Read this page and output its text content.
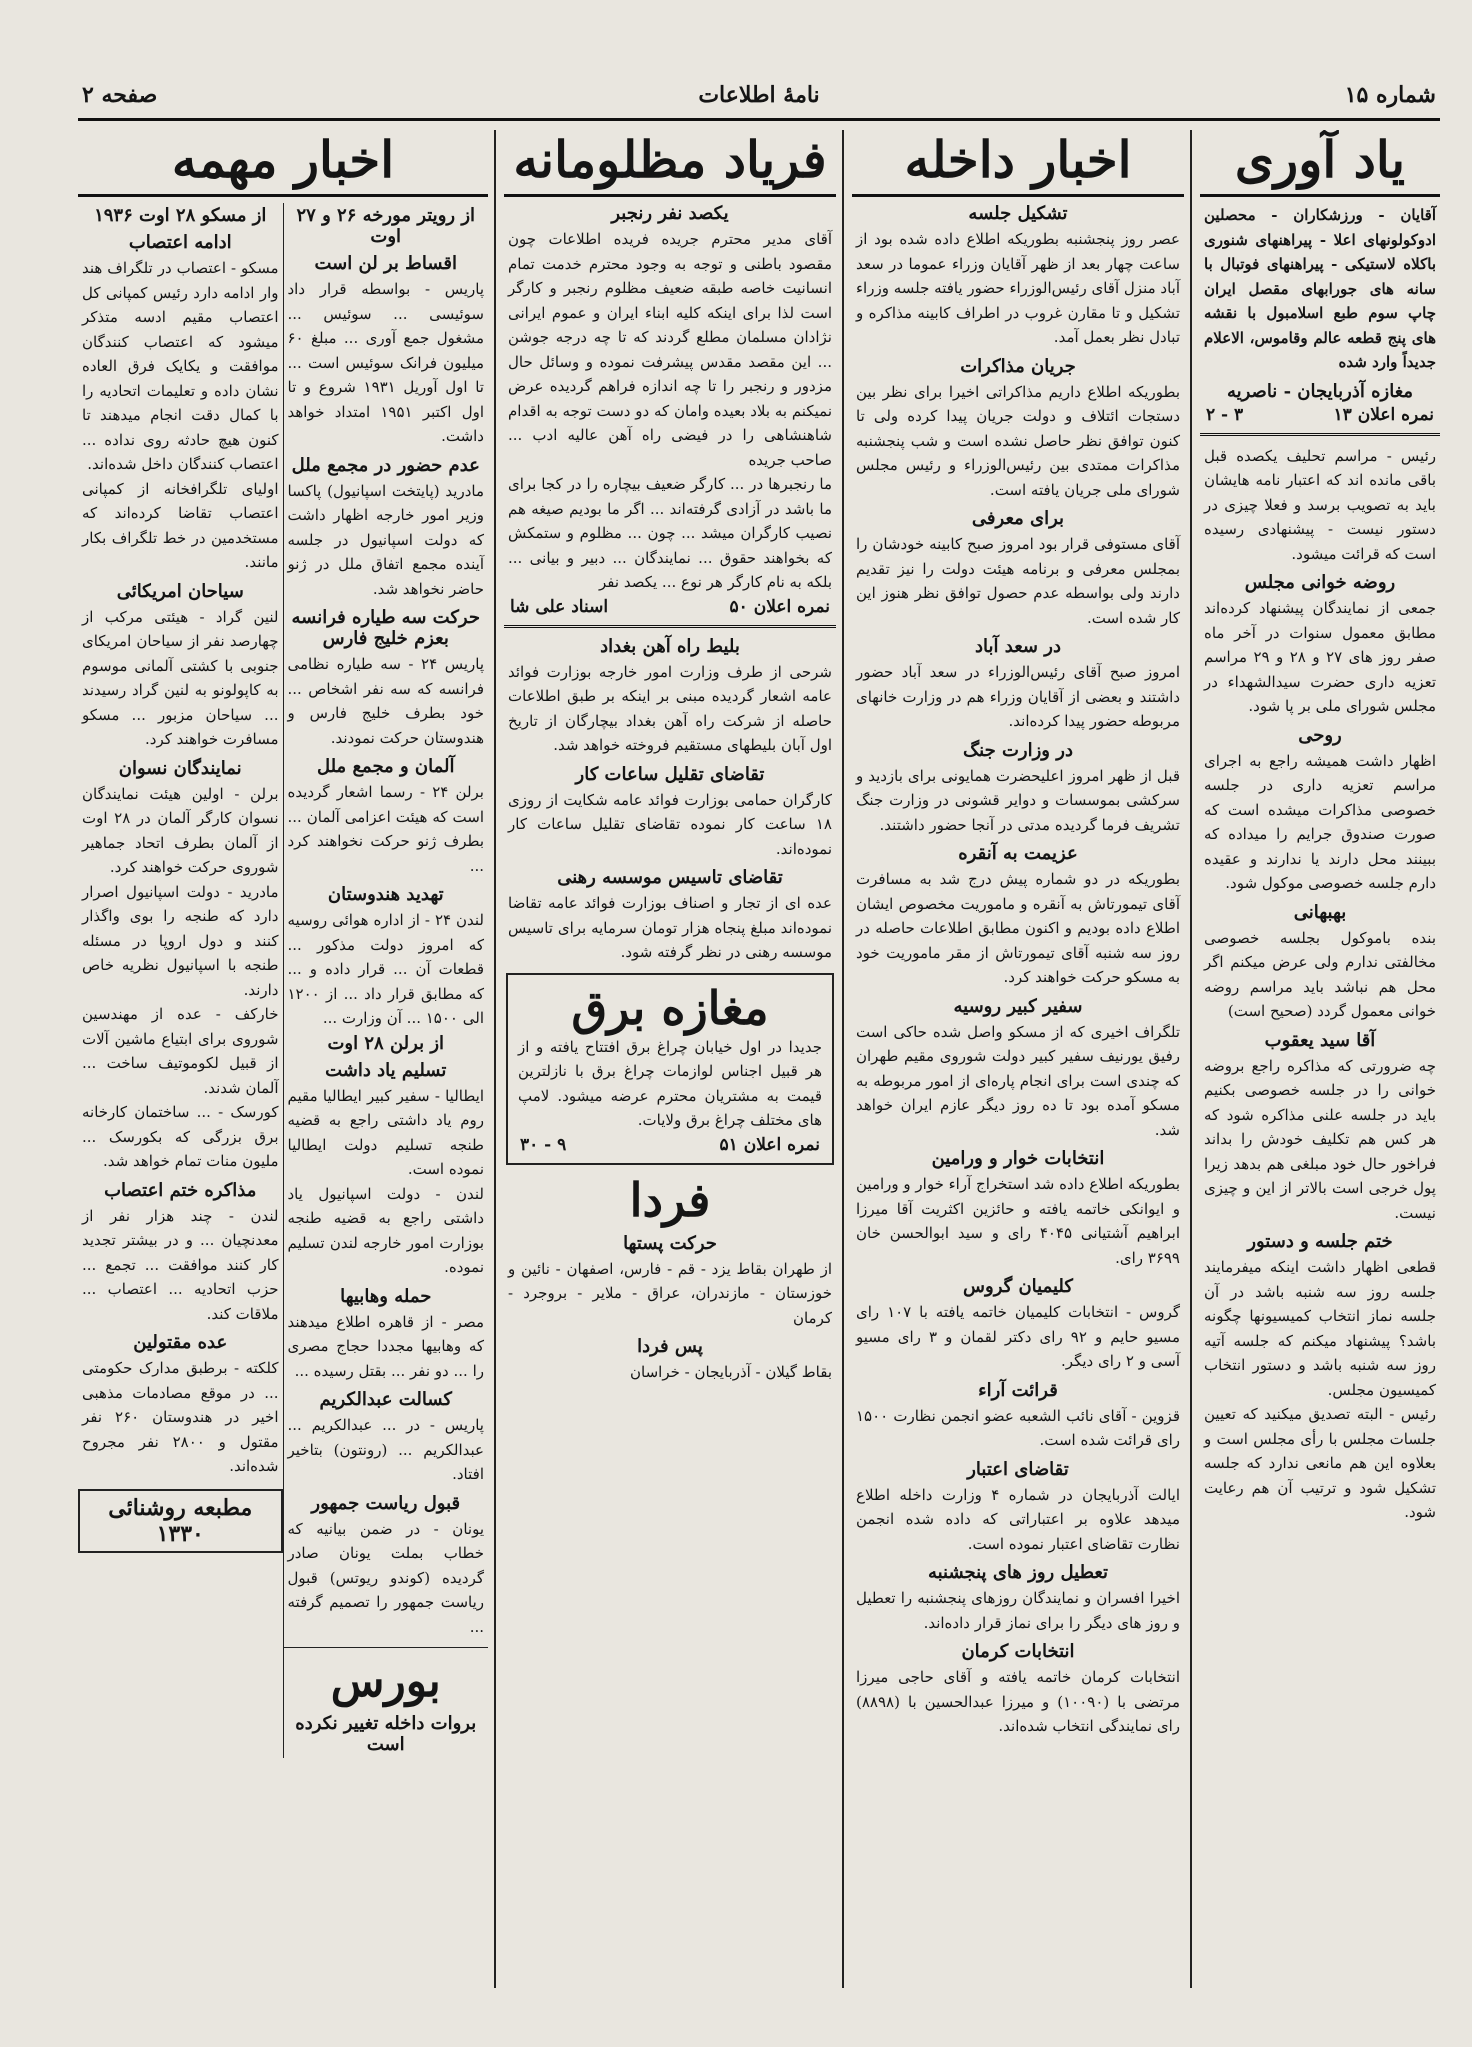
شماره ۱۵
نامهٔ اطلاعات
صفحه ۲
یاد آوری
آقایان - ورزشکاران - محصلین ادوکولونهای اعلا - پیراهنهای شنوری باکلاه لاستیکی - پیراهنهای فوتبال با سانه های جورابهای مقصل ایران چاپ سوم طبع اسلامبول با نقشه های پنج قطعه عالم وقاموس، الاعلام جدیداً وارد شده
مغازه آذربایجان - ناصریه
نمره اعلان ۱۳
۳ - ۲
رئیس - مراسم تحلیف یکصده قبل باقی مانده اند که اعتبار نامه هایشان باید به تصویب برسد و فعلا چیزی در دستور نیست - پیشنهادی رسیده است که قرائت میشود.
روضه خوانی مجلس
جمعی از نمایندگان پیشنهاد کرده‌اند مطابق معمول سنوات در آخر ماه صفر روز های ۲۷ و ۲۸ و ۲۹ مراسم تعزیه داری حضرت سیدالشهداء در مجلس شورای ملی بر پا شود.
روحی
اظهار داشت همیشه راجع به اجرای مراسم تعزیه داری در جلسه خصوصی مذاکرات میشده است که صورت صندوق جرایم را میداده که ببینند محل دارند یا ندارند و عقیده دارم جلسه خصوصی موکول شود.
بهبهانی
بنده باموکول بجلسه خصوصی مخالفتی ندارم ولی عرض میکنم اگر محل هم نباشد باید مراسم روضه خوانی معمول گردد (صحیح است)
آقا سید یعقوب
چه ضرورتی که مذاکره راجع بروضه خوانی را در جلسه خصوصی بکنیم باید در جلسه علنی مذاکره شود که هر کس هم تکلیف خودش را بداند فراخور حال خود مبلغی هم بدهد زیرا پول خرجی است بالاتر از این و چیزی نیست.
ختم جلسه و دستور
قطعی اظهار داشت اینکه میفرمایند جلسه روز سه شنبه باشد در آن جلسه نماز انتخاب کمیسیونها چگونه باشد؟ پیشنهاد میکنم که جلسه آتیه روز سه شنبه باشد و دستور انتخاب کمیسیون مجلس.
رئیس - البته تصدیق میکنید که تعیین جلسات مجلس با رأی مجلس است و بعلاوه این هم مانعی ندارد که جلسه تشکیل شود و ترتیب آن هم رعایت شود.
اخبار داخله
تشکیل جلسه
عصر روز پنجشنبه بطوریکه اطلاع داده شده بود از ساعت چهار بعد از ظهر آقایان وزراء عموما در سعد آباد منزل آقای رئیس‌الوزراء حضور یافته جلسه وزراء تشکیل و تا مقارن غروب در اطراف کابینه مذاکره و تبادل نظر بعمل آمد.
جریان مذاکرات
بطوریکه اطلاع داریم مذاکراتی اخیرا برای نظر بین دستجات ائتلاف و دولت جریان پیدا کرده ولی تا کنون توافق نظر حاصل نشده است و شب پنجشنبه مذاکرات ممتدی بین رئیس‌الوزراء و رئیس مجلس شورای ملی جریان یافته است.
برای معرفی
آقای مستوفی قرار بود امروز صبح کابینه خودشان را بمجلس معرفی و برنامه هیئت دولت را نیز تقدیم دارند ولی بواسطه عدم حصول توافق نظر هنوز این کار شده است.
در سعد آباد
امروز صبح آقای رئیس‌الوزراء در سعد آباد حضور داشتند و بعضی از آقایان وزراء هم در وزارت خانهای مربوطه حضور پیدا کرده‌اند.
در وزارت جنگ
قبل از ظهر امروز اعلیحضرت همایونی برای بازدید و سرکشی بموسسات و دوایر قشونی در وزارت جنگ تشریف فرما گردیده مدتی در آنجا حضور داشتند.
عزیمت به آنقره
بطوریکه در دو شماره پیش درج شد به مسافرت آقای تیمورتاش به آنقره و ماموریت مخصوص ایشان اطلاع داده بودیم و اکنون مطابق اطلاعات حاصله در روز سه شنبه آقای تیمورتاش از مقر ماموریت خود به مسکو حرکت خواهند کرد.
سفیر کبیر روسیه
تلگراف اخیری که از مسکو واصل شده حاکی است رفیق یورنیف سفیر کبیر دولت شوروی مقیم طهران که چندی است برای انجام پاره‌ای از امور مربوطه به مسکو آمده بود تا ده روز دیگر عازم ایران خواهد شد.
انتخابات خوار و ورامین
بطوریکه اطلاع داده شد استخراج آراء خوار و ورامین و ایوانکی خاتمه یافته و حائزین اکثریت آقا میرزا ابراهیم آشتیانی ۴۰۴۵ رای و سید ابوالحسن خان ۳۶۹۹ رای.
کلیمیان گروس
گروس - انتخابات کلیمیان خاتمه یافته با ۱۰۷ رای مسیو حایم و ۹۲ رای دکتر لقمان و ۳ رای مسیو آسی و ۲ رای دیگر.
قرائت آراء
قزوین - آقای نائب الشعبه عضو انجمن نظارت ۱۵۰۰ رای قرائت شده است.
تقاضای اعتبار
ایالت آذربایجان در شماره ۴ وزارت داخله اطلاع میدهد علاوه بر اعتباراتی که داده شده انجمن نظارت تقاضای اعتبار نموده است.
تعطیل روز های پنجشنبه
اخیرا افسران و نمایندگان روزهای پنجشنبه را تعطیل و روز های دیگر را برای نماز قرار داده‌اند.
انتخابات کرمان
انتخابات کرمان خاتمه یافته و آقای حاجی میرزا مرتضی با (۱۰۰۹۰) و میرزا عبدالحسین با (۸۸۹۸) رای نمایندگی انتخاب شده‌اند.
فریاد مظلومانه
یکصد نفر رنجبر
آقای مدیر محترم جریده فریده اطلاعات چون مقصود باطنی و توجه به وجود محترم خدمت تمام انسانیت خاصه طبقه ضعیف مظلوم رنجبر و کارگر است لذا برای اینکه کلیه ابناء ایران و عموم ایرانی نژادان مسلمان مطلع گردند که تا چه درجه جوشن ... این مقصد مقدس پیشرفت نموده و وسائل حال مزدور و رنجبر را تا چه اندازه فراهم گردیده عرض نمیکنم به بلاد بعیده وامان که دو دست توجه به اقدام شاهنشاهی را در فیضی راه آهن عالیه ادب ... صاحب جریده
ما رنجبرها در ... کارگر ضعیف بیچاره را در کجا برای ما باشد در آزادی گرفته‌اند ... اگر ما بودیم صیغه هم نصیب کارگران میشد ... چون ... مظلوم و ستمکش که بخواهند حقوق ... نمایندگان ... دبیر و بیانی ... بلکه به نام کارگر هر نوع ... یکصد نفر
نمره اعلان ۵۰
اسناد علی شا
بلیط راه آهن بغداد
شرحی از طرف وزارت امور خارجه بوزارت فوائد عامه اشعار گردیده مبنی بر اینکه بر طبق اطلاعات حاصله از شرکت راه آهن بغداد بیچارگان از تاریخ اول آبان بلیطهای مستقیم فروخته خواهد شد.
تقاضای تقلیل ساعات کار
کارگران حمامی بوزارت فوائد عامه شکایت از روزی ۱۸ ساعت کار نموده تقاضای تقلیل ساعات کار نموده‌اند.
تقاضای تاسیس موسسه رهنی
عده ای از تجار و اصناف بوزارت فوائد عامه تقاضا نموده‌اند مبلغ پنجاه هزار تومان سرمایه برای تاسیس موسسه رهنی در نظر گرفته شود.
مغازه برق
جدیدا در اول خیابان چراغ برق افتتاح یافته و از هر قبیل اجناس لوازمات چراغ برق با نازلترین قیمت به مشتریان محترم عرضه میشود. لامپ های مختلف چراغ برق ولایات.
نمره اعلان ۵۱
۹ - ۳۰
فردا
حرکت پستها
از طهران بقاط یزد - قم - فارس، اصفهان - نائین و خوزستان - مازندران، عراق - ملایر - بروجرد - کرمان
پس فردا
بقاط گیلان - آذربایجان - خراسان
اخبار مهمه
از رویتر مورخه ۲۶ و ۲۷ اوت
اقساط بر لن است
پاریس - بواسطه قرار داد سوئیسی ... سوئیس ... مشغول جمع آوری ... مبلغ ۶۰ میلیون فرانک سوئیس است ... تا اول آوریل ۱۹۳۱ شروع و تا اول اکتبر ۱۹۵۱ امتداد خواهد داشت.
عدم حضور در مجمع ملل
مادرید (پایتخت اسپانیول) پاکسا وزیر امور خارجه اظهار داشت که دولت اسپانیول در جلسه آینده مجمع اتفاق ملل در ژنو حاضر نخواهد شد.
حرکت سه طیاره فرانسه بعزم خلیج فارس
پاریس ۲۴ - سه طیاره نظامی فرانسه که سه نفر اشخاص ... خود بطرف خلیج فارس و هندوستان حرکت نمودند.
آلمان و مجمع ملل
برلن ۲۴ - رسما اشعار گردیده است که هیئت اعزامی آلمان ... بطرف ژنو حرکت نخواهند کرد ...
تهدید هندوستان
لندن ۲۴ - از اداره هوائی روسیه که امروز دولت مذکور ... قطعات آن ... قرار داده و ... که مطابق قرار داد ... از ۱۲۰۰ الی ۱۵۰۰ ... آن وزارت ...
از برلن ۲۸ اوت
تسلیم یاد داشت
ایطالیا - سفیر کبیر ایطالیا مقیم روم یاد داشتی راجع به قضیه طنجه تسلیم دولت ایطالیا نموده است.
لندن - دولت اسپانیول یاد داشتی راجع به قضیه طنجه بوزارت امور خارجه لندن تسلیم نموده.
حمله وهابیها
مصر - از قاهره اطلاع میدهند که وهابیها مجددا حجاج مصری را ... دو نفر ... بقتل رسیده ...
کسالت عبدالکریم
پاریس - در ... عبدالکریم ... عبدالکریم ... (رونتون) بتاخیر افتاد.
قبول ریاست جمهور
یونان - در ضمن بیانیه که خطاب بملت یونان صادر گردیده (کوندو ریوتس) قبول ریاست جمهور را تصمیم گرفته ...
بورس
بروات داخله تغییر نکرده است
از مسکو ۲۸ اوت ۱۹۳۶
ادامه اعتصاب
مسکو - اعتصاب در تلگراف هند وار ادامه دارد رئیس کمپانی کل اعتصاب مقیم ادسه متذکر میشود که اعتصاب کنندگان موافقت و یکایک فرق العاده نشان داده و تعلیمات اتحادیه را با کمال دقت انجام میدهند تا کنون هیچ حادثه روی نداده ... اعتصاب کنندگان داخل شده‌اند.
اولیای تلگرافخانه از کمپانی اعتصاب تقاضا کرده‌اند که مستخدمین در خط تلگراف بکار مانند.
سیاحان امریکائی
لنین گراد - هیئتی مرکب از چهارصد نفر از سیاحان امریکای جنوبی با کشتی آلمانی موسوم به کاپولونو به لنین گراد رسیدند ... سیاحان مزبور ... مسکو مسافرت خواهند کرد.
نمایندگان نسوان
برلن - اولین هیئت نمایندگان نسوان کارگر آلمان در ۲۸ اوت از آلمان بطرف اتحاد جماهیر شوروی حرکت خواهند کرد.
مادرید - دولت اسپانیول اصرار دارد که طنجه را بوی واگذار کنند و دول اروپا در مسئله طنجه با اسپانیول نظریه خاص دارند.
خارکف - عده از مهندسین شوروی برای ابتیاع ماشین آلات از قبیل لکوموتیف ساخت ... آلمان شدند.
کورسک - ... ساختمان کارخانه برق بزرگی که بکورسک ... ملیون منات تمام خواهد شد.
مذاکره ختم اعتصاب
لندن - چند هزار نفر از معدنچیان ... و در بیشتر تجدید کار کنند موافقت ... تجمع ... حزب اتحادیه ... اعتصاب ... ملاقات کند.
عده مقتولین
کلکته - برطبق مدارک حکومتی ... در موقع مصادمات مذهبی اخیر در هندوستان ۲۶۰ نفر مقتول و ۲۸۰۰ نفر مجروح شده‌اند.
مطبعه روشنائی ۱۳۳۰
